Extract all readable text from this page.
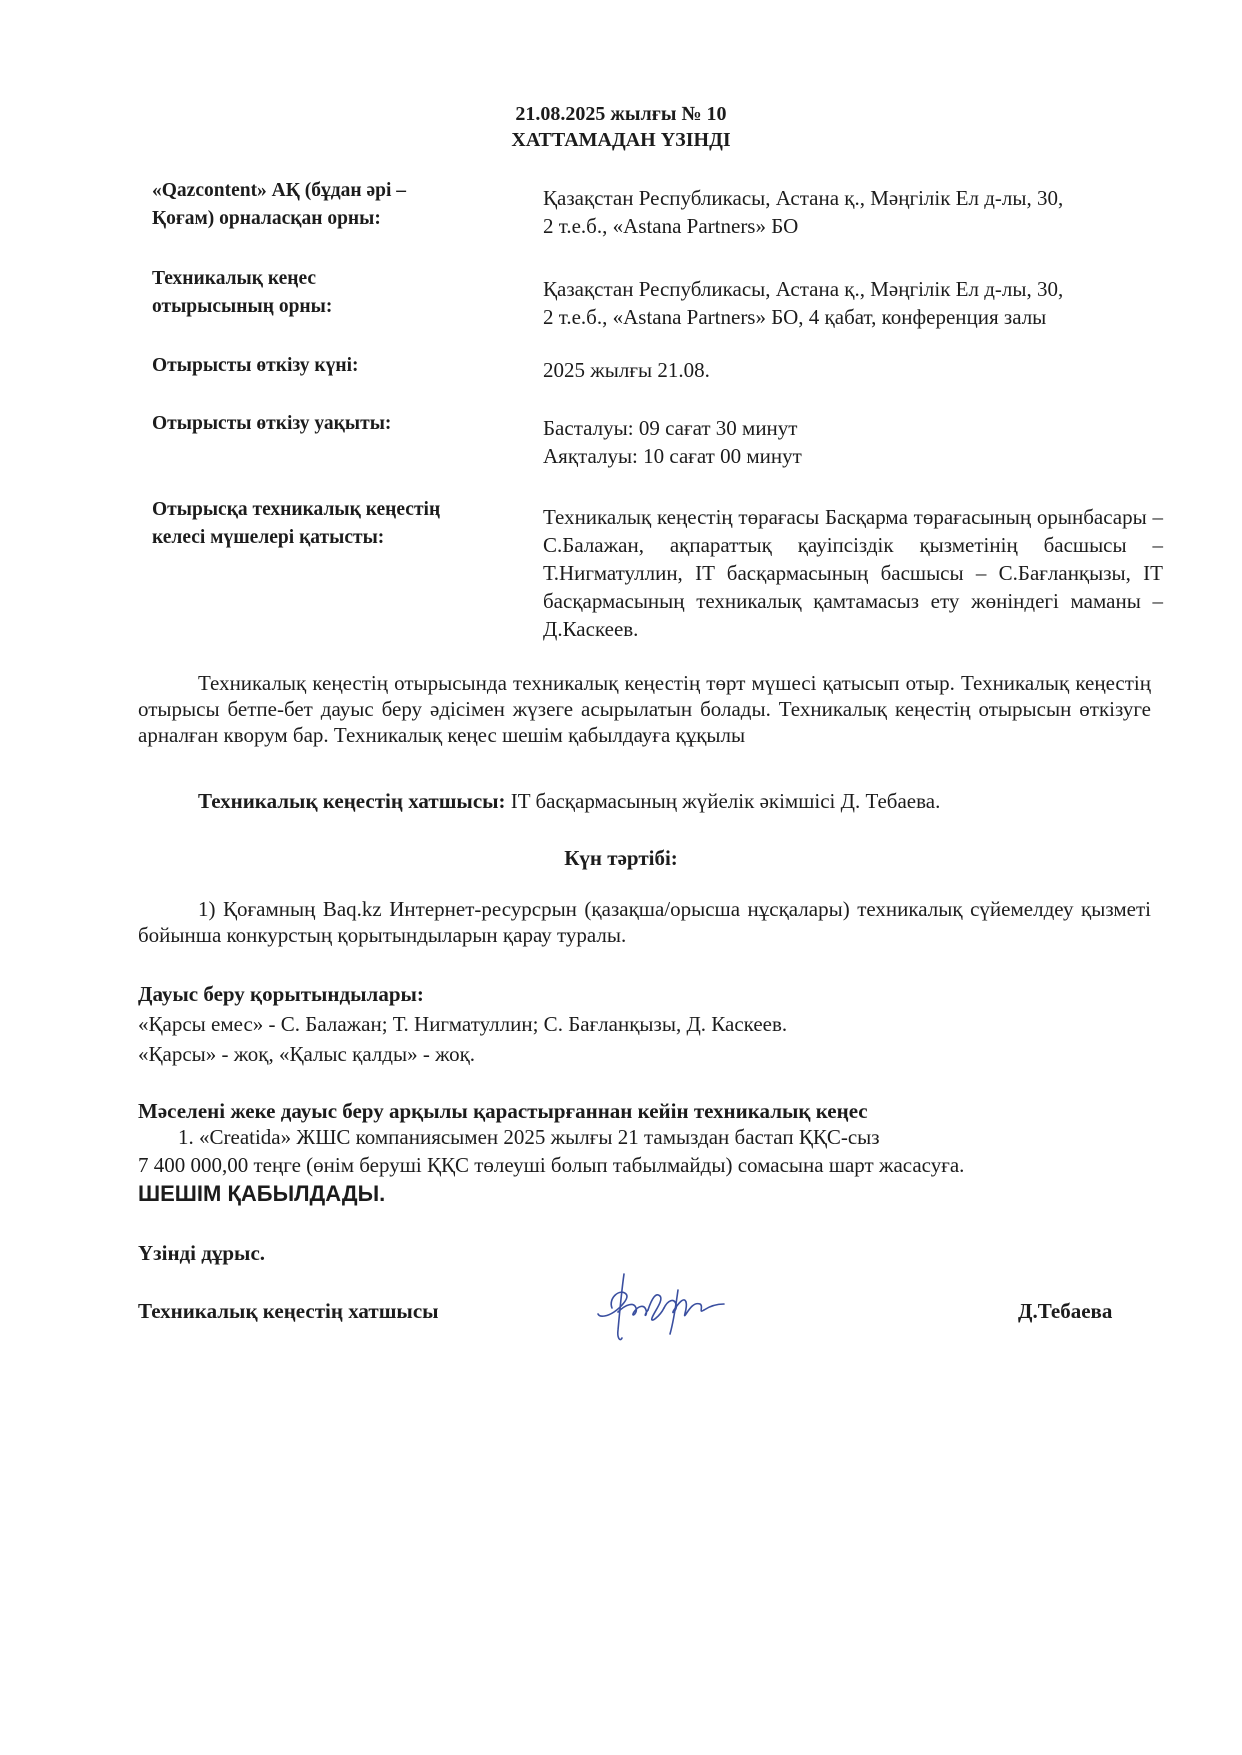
21.08.2025 жылғы № 10
ХАТТАМАДАН ҮЗІНДІ
«Qazcontent» АҚ (бұдан әрі –
Қоғам) орналасқан орны:
Қазақстан Республикасы, Астана қ., Мәңгілік Ел д-лы, 30,
2 т.е.б., «Astana Partners» БО
Техникалық кеңес
отырысының орны:
Қазақстан Республикасы, Астана қ., Мәңгілік Ел д-лы, 30,
2 т.е.б., «Astana Partners» БО, 4 қабат, конференция залы
Отырысты өткізу күні:	2025 жылғы 21.08.
Отырысты өткізу уақыты:	Басталуы: 09 сағат 30 минут
Аяқталуы: 10 сағат 00 минут
Отырысқа техникалық кеңестің
келесі мүшелері қатысты:
Техникалық кеңестің төрағасы Басқарма төрағасының орынбасары – С.Балажан, ақпараттық қауіпсіздік қызметінің басшысы – Т.Нигматуллин, IT басқармасының басшысы – С.Бағланқызы, IT басқармасының техникалық қамтамасыз ету жөніндегі маманы – Д.Каскеев.
Техникалық кеңестің отырысында техникалық кеңестің төрт мүшесі қатысып отыр. Техникалық кеңестің отырысы бетпе-бет дауыс беру әдісімен жүзеге асырылатын болады. Техникалық кеңестің отырысын өткізуге арналған кворум бар. Техникалық кеңес шешім қабылдауға құқылы
Техникалық кеңестің хатшысы: IT басқармасының жүйелік әкімшісі Д. Тебаева.
Күн тәртібі:
1) Қоғамның Baq.kz Интернет-ресурсрын (қазақша/орысша нұсқалары) техникалық сүйемелдеу қызметі бойынша конкурстың қорытындыларын қарау туралы.
Дауыс беру қорытындылары:
«Қарсы емес» - С. Балажан; Т. Нигматуллин; С. Бағланқызы, Д. Каскеев.
«Қарсы» - жоқ, «Қалыс қалды» - жоқ.
Мәселені жеке дауыс беру арқылы қарастырғаннан кейін техникалық кеңес
1. «Creatida» ЖШС компаниясымен 2025 жылғы 21 тамыздан бастап ҚҚС-сыз
7 400 000,00 теңге (өнім беруші ҚҚС төлеуші болып табылмайды) сомасына шарт жасасуға.
ШЕШІМ ҚАБЫЛДАДЫ.
Үзінді дұрыс.
Техникалық кеңестің хатшысы	Д.Тебаева
